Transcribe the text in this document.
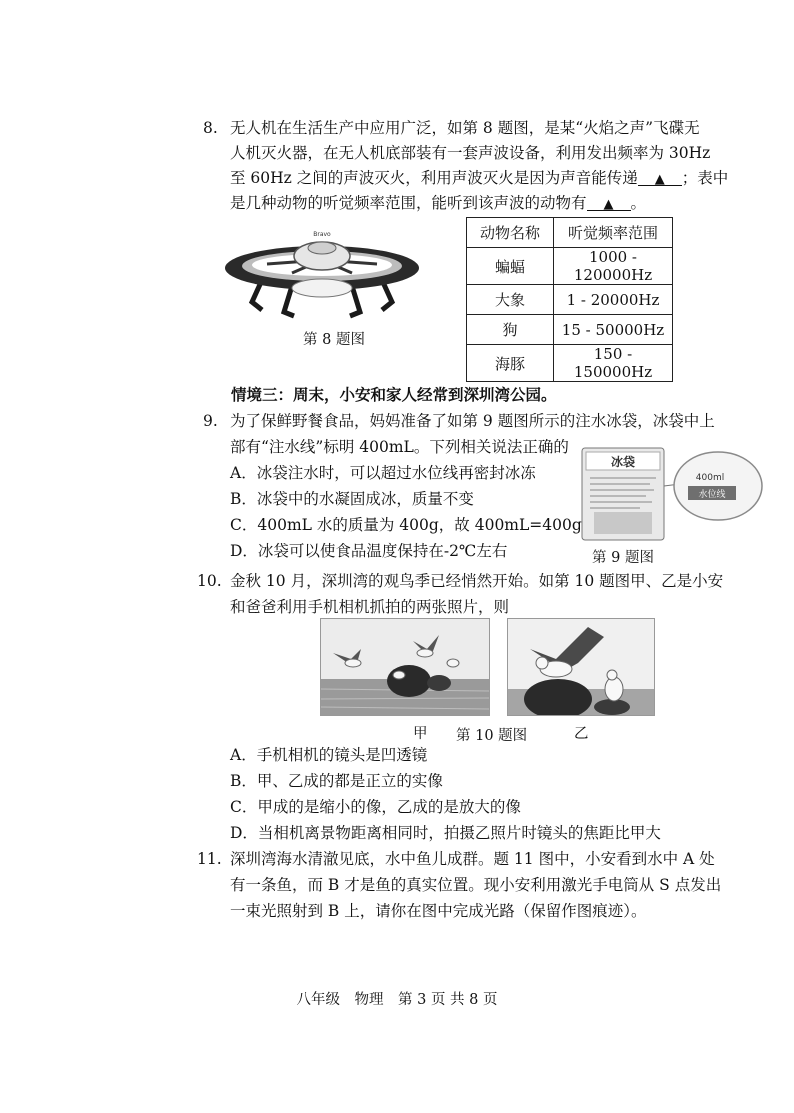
8. 无人机在生活生产中应用广泛，如第 8 题图，是某“火焰之声”飞碟无
人机灭火器，在无人机底部装有一套声波设备，利用发出频率为 30Hz
至 60Hz 之间的声波灭火，利用声波灭火是因为声音能传递 ▲ ；表中
是几种动物的听觉频率范围，能听到该声波的动物有 ▲ 。
Bravo
第 8 题图
动物名称	听觉频率范围
蝙蝠	1000 - 120000Hz
大象	1 - 20000Hz
狗	15 - 50000Hz
海豚	150 - 150000Hz
情境三：周末，小安和家人经常到深圳湾公园。
9. 为了保鲜野餐食品，妈妈准备了如第 9 题图所示的注水冰袋，冰袋中上
部有“注水线”标明 400mL。下列相关说法正确的
A．冰袋注水时，可以超过水位线再密封冰冻
B．冰袋中的水凝固成冰，质量不变
C．400mL 水的质量为 400g，故 400mL=400g
D．冰袋可以使食品温度保持在-2℃左右
冰袋
400ml
水位线
第 9 题图
10. 金秋 10 月，深圳湾的观鸟季已经悄然开始。如第 10 题图甲、乙是小安
和爸爸利用手机相机抓拍的两张照片，则
甲 第 10 题图	乙
A．手机相机的镜头是凹透镜
B．甲、乙成的都是正立的实像
C．甲成的是缩小的像，乙成的是放大的像
D．当相机离景物距离相同时，拍摄乙照片时镜头的焦距比甲大
11. 深圳湾海水清澈见底，水中鱼儿成群。题 11 图中，小安看到水中 A 处
有一条鱼，而 B 才是鱼的真实位置。现小安利用激光手电筒从 S 点发出
一束光照射到 B 上，请你在图中完成光路（保留作图痕迹）。
八年级　物理　第 3 页 共 8 页
